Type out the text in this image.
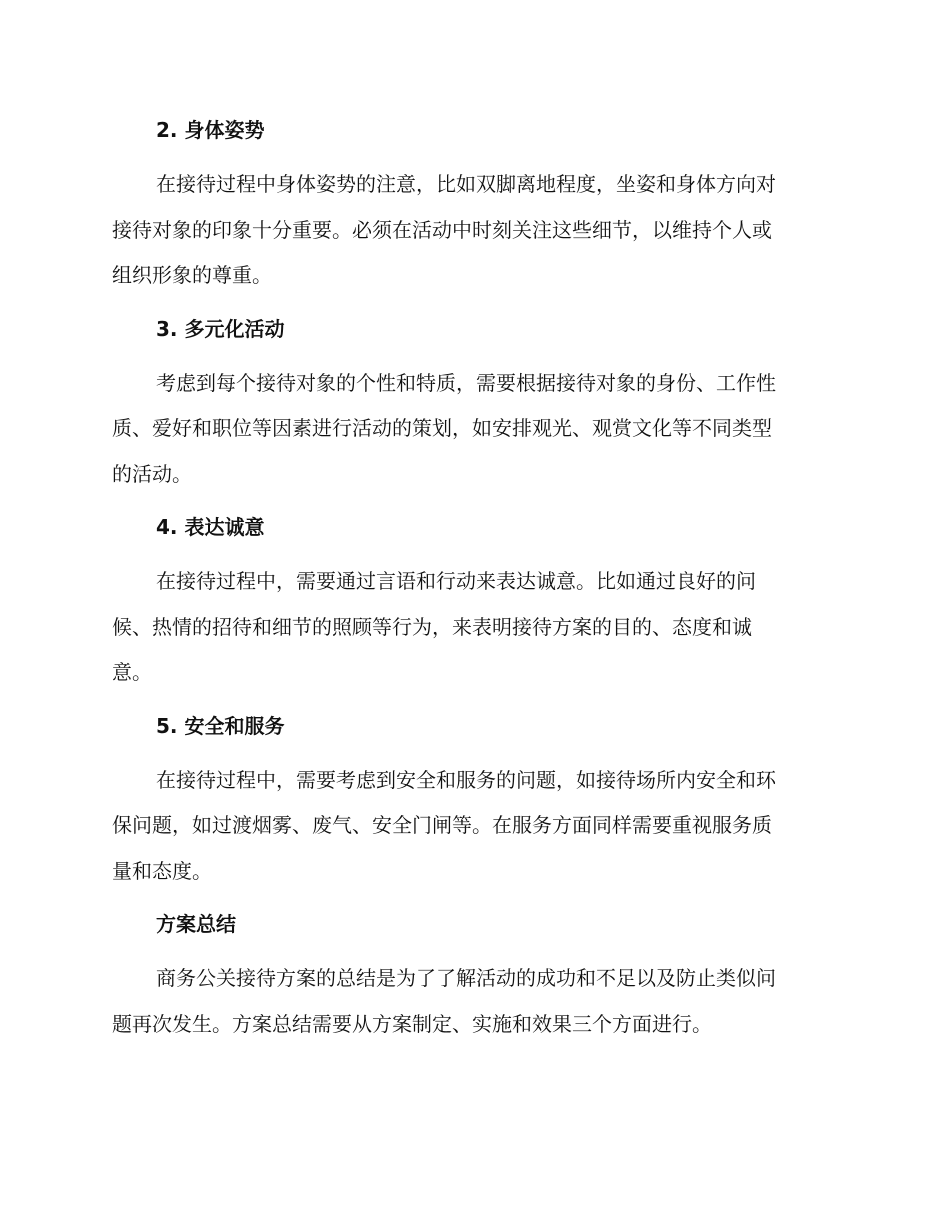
2. 身体姿势

在接待过程中身体姿势的注意，比如双脚离地程度，坐姿和身体方向对
接待对象的印象十分重要。必须在活动中时刻关注这些细节，以维持个人或
组织形象的尊重。

3. 多元化活动

考虑到每个接待对象的个性和特质，需要根据接待对象的身份、工作性
质、爱好和职位等因素进行活动的策划，如安排观光、观赏文化等不同类型
的活动。

4. 表达诚意

在接待过程中，需要通过言语和行动来表达诚意。比如通过良好的问
候、热情的招待和细节的照顾等行为，来表明接待方案的目的、态度和诚
意。

5. 安全和服务

在接待过程中，需要考虑到安全和服务的问题，如接待场所内安全和环
保问题，如过渡烟雾、废气、安全门闸等。在服务方面同样需要重视服务质
量和态度。

方案总结

商务公关接待方案的总结是为了了解活动的成功和不足以及防止类似问
题再次发生。方案总结需要从方案制定、实施和效果三个方面进行。
